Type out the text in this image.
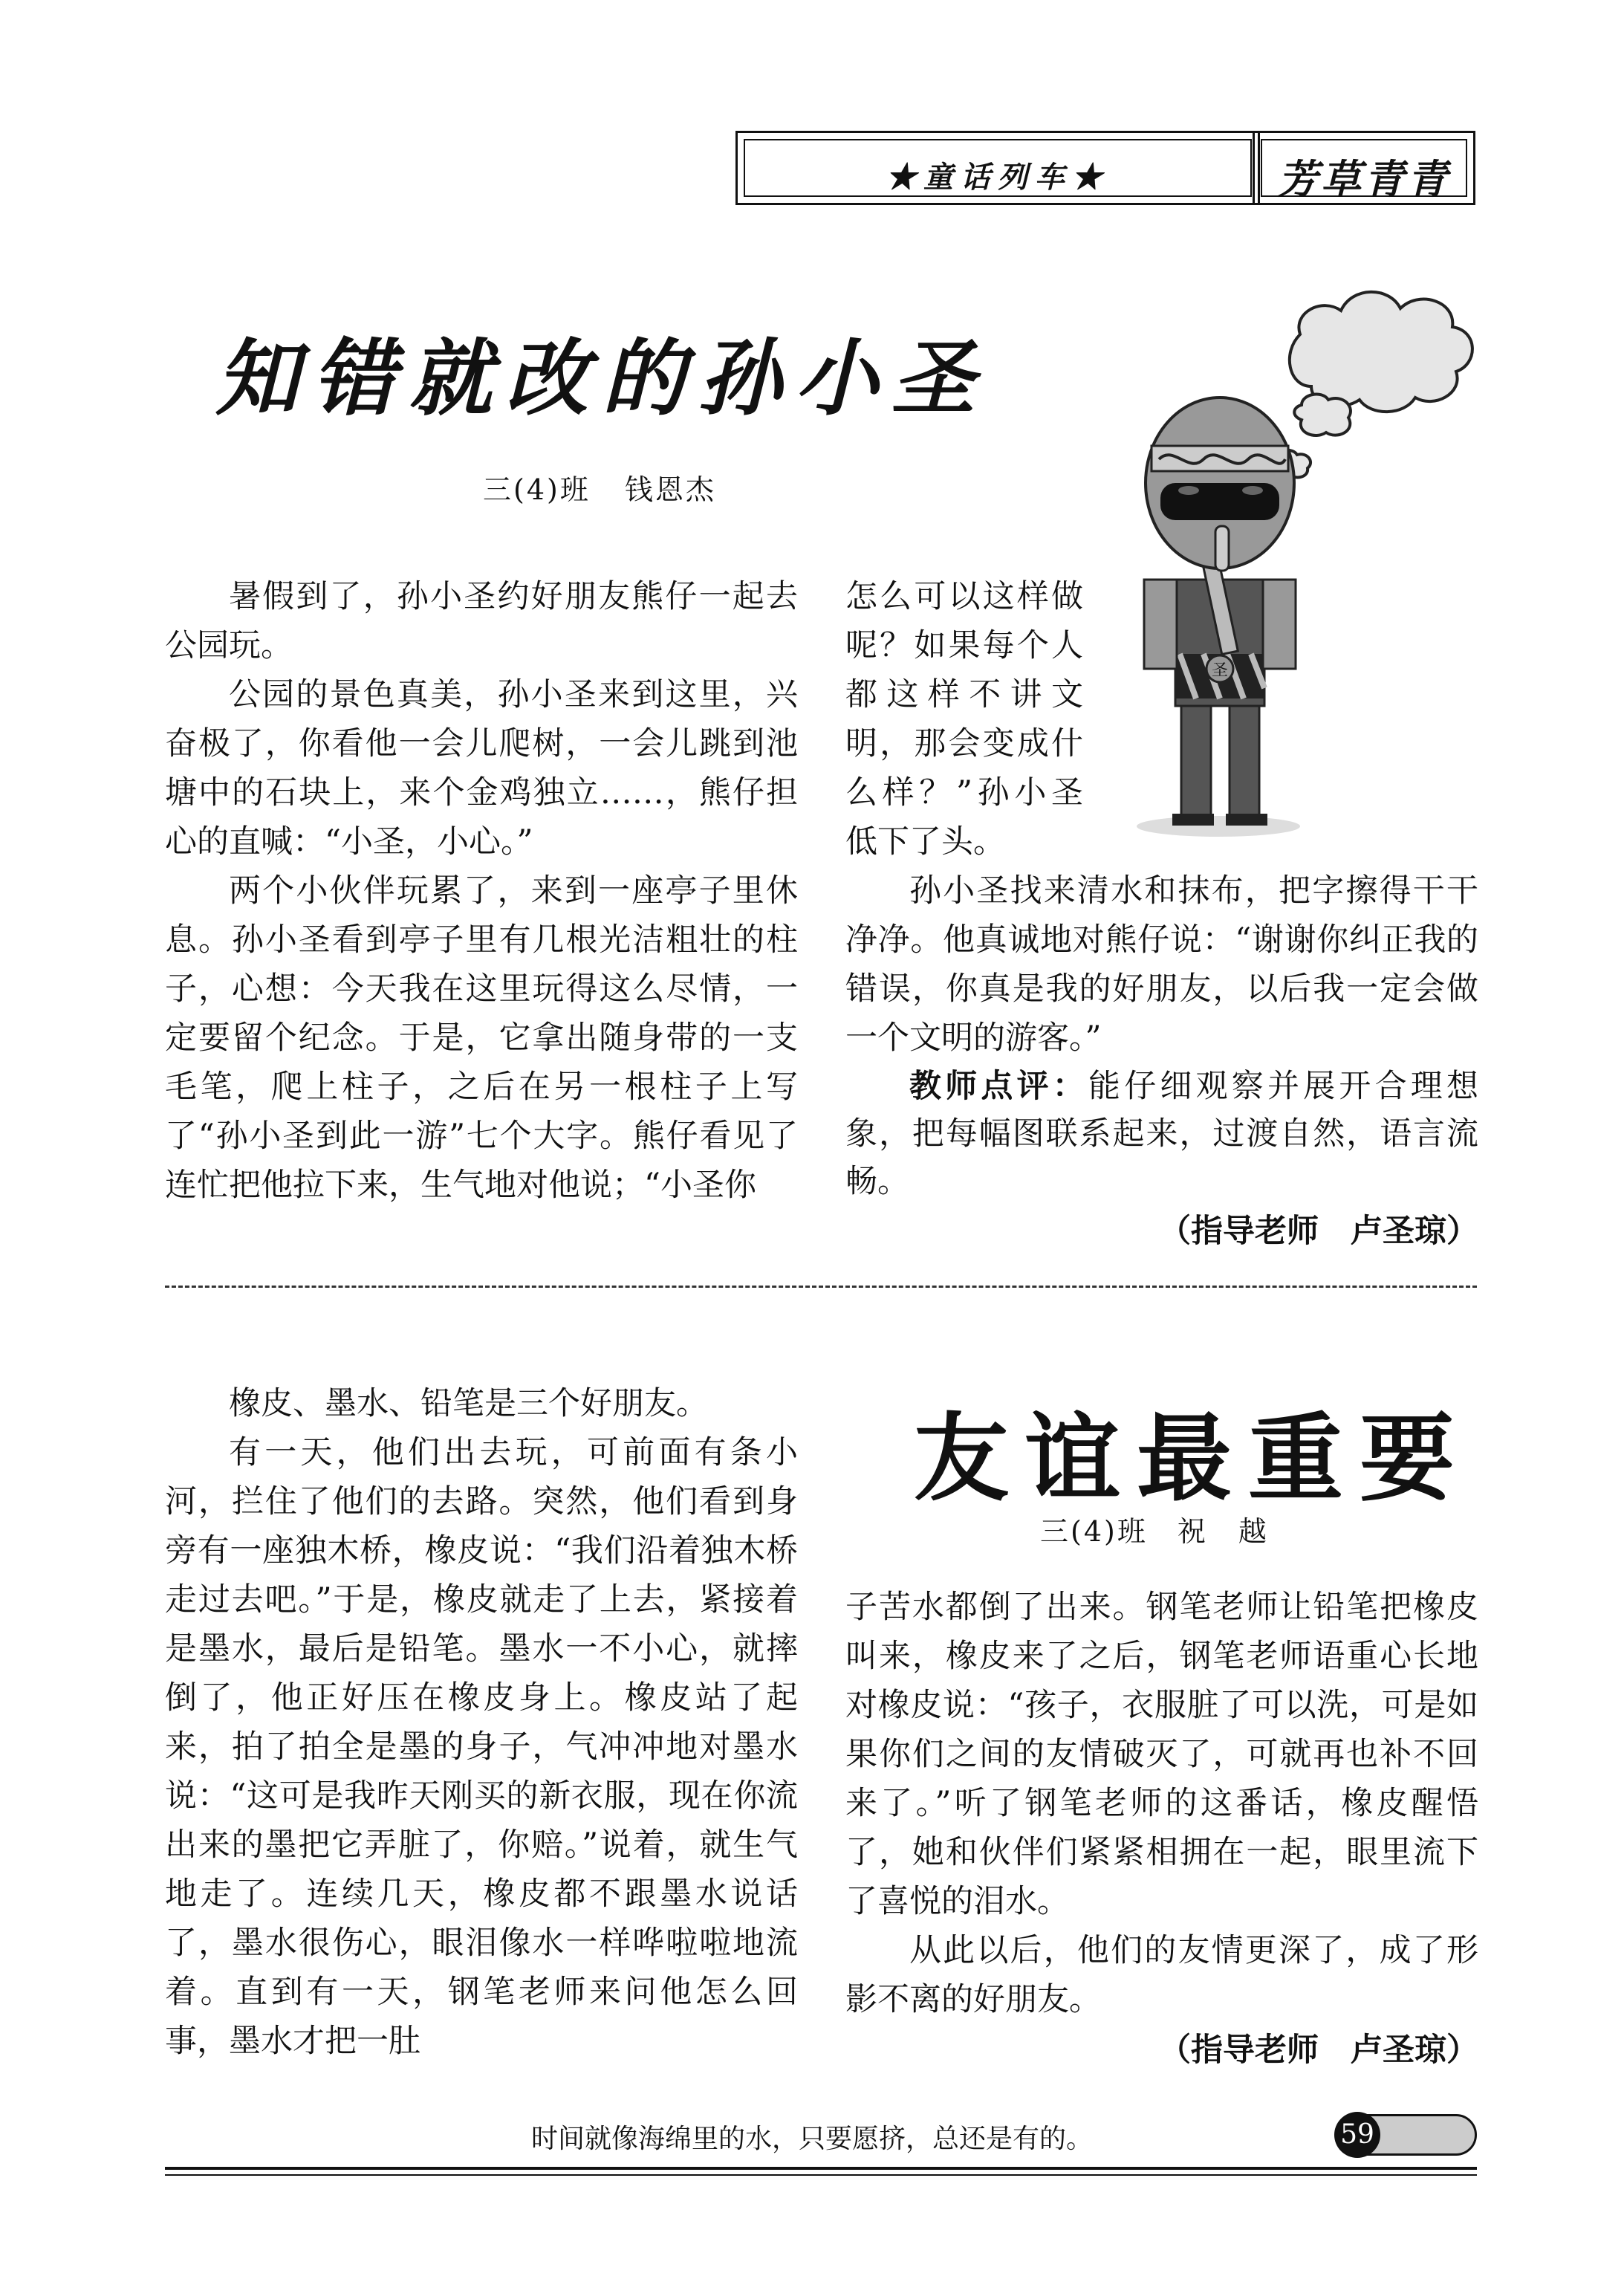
★童话列车★	芳草青青
知错就改的孙小圣
三(4)班 钱恩杰
圣

暑假到了，孙小圣约好朋友熊仔一起去公园玩。

公园的景色真美，孙小圣来到这里，兴奋极了，你看他一会儿爬树，一会儿跳到池塘中的石块上，来个金鸡独立……，熊仔担心的直喊：“小圣，小心。”

两个小伙伴玩累了，来到一座亭子里休息。孙小圣看到亭子里有几根光洁粗壮的柱子，心想：今天我在这里玩得这么尽情，一定要留个纪念。于是，它拿出随身带的一支毛笔，爬上柱子，之后在另一根柱子上写了“孙小圣到此一游”七个大字。熊仔看见了连忙把他拉下来，生气地对他说；“小圣你

怎么可以这样做呢？如果每个人都这样不讲文明，那会变成什么样？”孙小圣低下了头。

孙小圣找来清水和抹布，把字擦得干干净净。他真诚地对熊仔说：“谢谢你纠正我的错误，你真是我的好朋友，以后我一定会做一个文明的游客。”

教师点评：能仔细观察并展开合理想象，把每幅图联系起来，过渡自然，语言流畅。

（指导老师　卢圣琼）
友谊最重要
三(4)班 祝　越

橡皮、墨水、铅笔是三个好朋友。

有一天，他们出去玩，可前面有条小河，拦住了他们的去路。突然，他们看到身旁有一座独木桥，橡皮说：“我们沿着独木桥走过去吧。”于是，橡皮就走了上去，紧接着是墨水，最后是铅笔。墨水一不小心，就摔倒了，他正好压在橡皮身上。橡皮站了起来，拍了拍全是墨的身子，气冲冲地对墨水说：“这可是我昨天刚买的新衣服，现在你流出来的墨把它弄脏了，你赔。”说着，就生气地走了。连续几天，橡皮都不跟墨水说话了，墨水很伤心，眼泪像水一样哗啦啦地流着。直到有一天，钢笔老师来问他怎么回事，墨水才把一肚

子苦水都倒了出来。钢笔老师让铅笔把橡皮叫来，橡皮来了之后，钢笔老师语重心长地对橡皮说：“孩子，衣服脏了可以洗，可是如果你们之间的友情破灭了，可就再也补不回来了。”听了钢笔老师的这番话，橡皮醒悟了，她和伙伴们紧紧相拥在一起，眼里流下了喜悦的泪水。

从此以后，他们的友情更深了，成了形影不离的好朋友。

（指导老师　卢圣琼）
时间就像海绵里的水，只要愿挤，总还是有的。	59
